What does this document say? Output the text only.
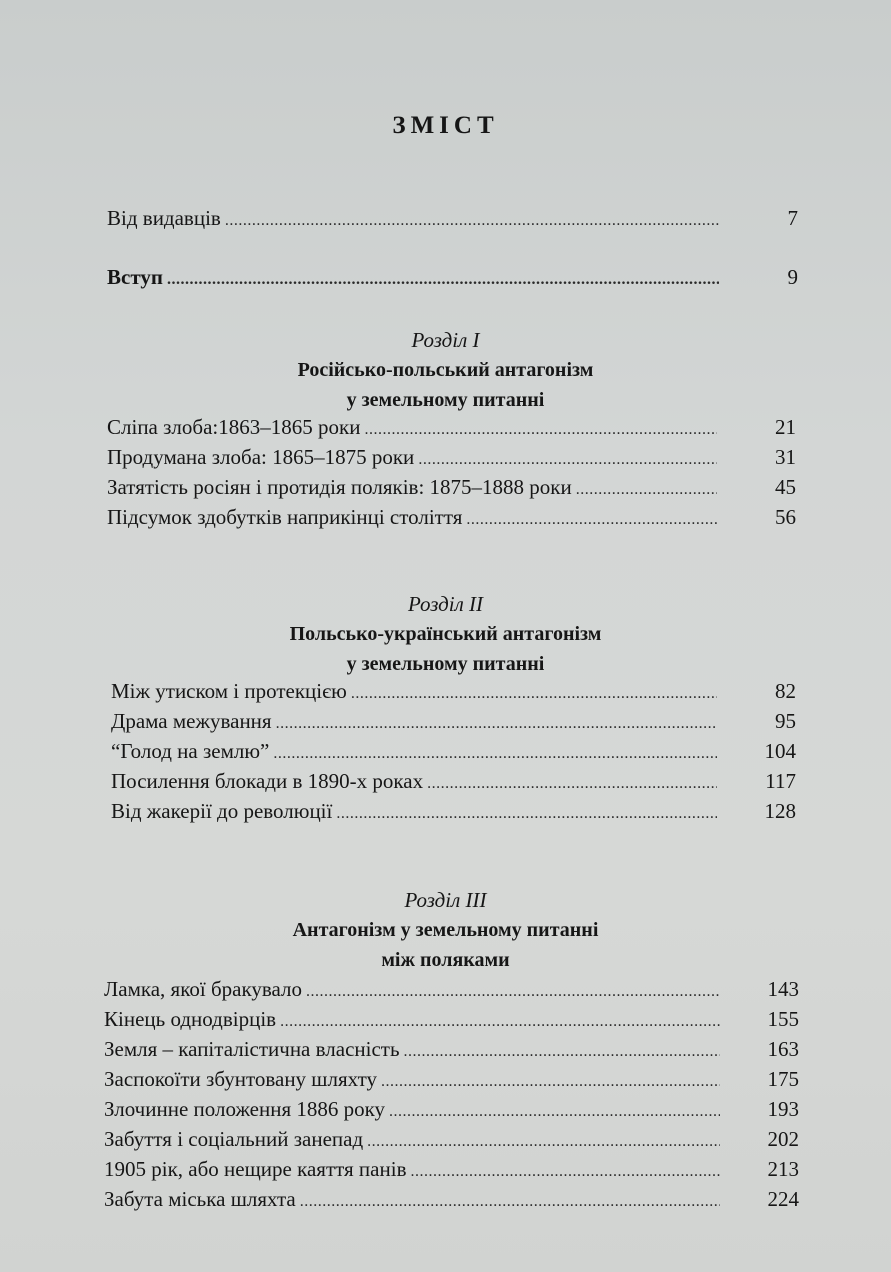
ЗМІСТ
Від видавців .....	7
Вступ .....	9

Розділ I

Російсько-польський антагонізм

у земельному питанні

Сліпа злоба:1863–1865 роки .....	21
Продумана злоба: 1865–1875 роки .....	31
Затятість росіян і протидія поляків: 1875–1888 роки .....	45
Підсумок здобутків наприкінці століття .....	56

Розділ II

Польсько-український антагонізм

у земельному питанні

Між утиском і протекцією .....	82
Драма межування .....	95
“Голод на землю” .....	104
Посилення блокади в 1890-х роках .....	117
Від жакерії до революції .....	128

Розділ III

Антагонізм у земельному питанні

між поляками

Ламка, якої бракувало .....	143
Кінець однодвірців .....	155
Земля – капіталістична власність .....	163
Заспокоїти збунтовану шляхту .....	175
Злочинне положення 1886 року .....	193
Забуття і соціальний занепад .....	202
1905 рік, або нещире каяття панів .....	213
Забута міська шляхта .....	224
